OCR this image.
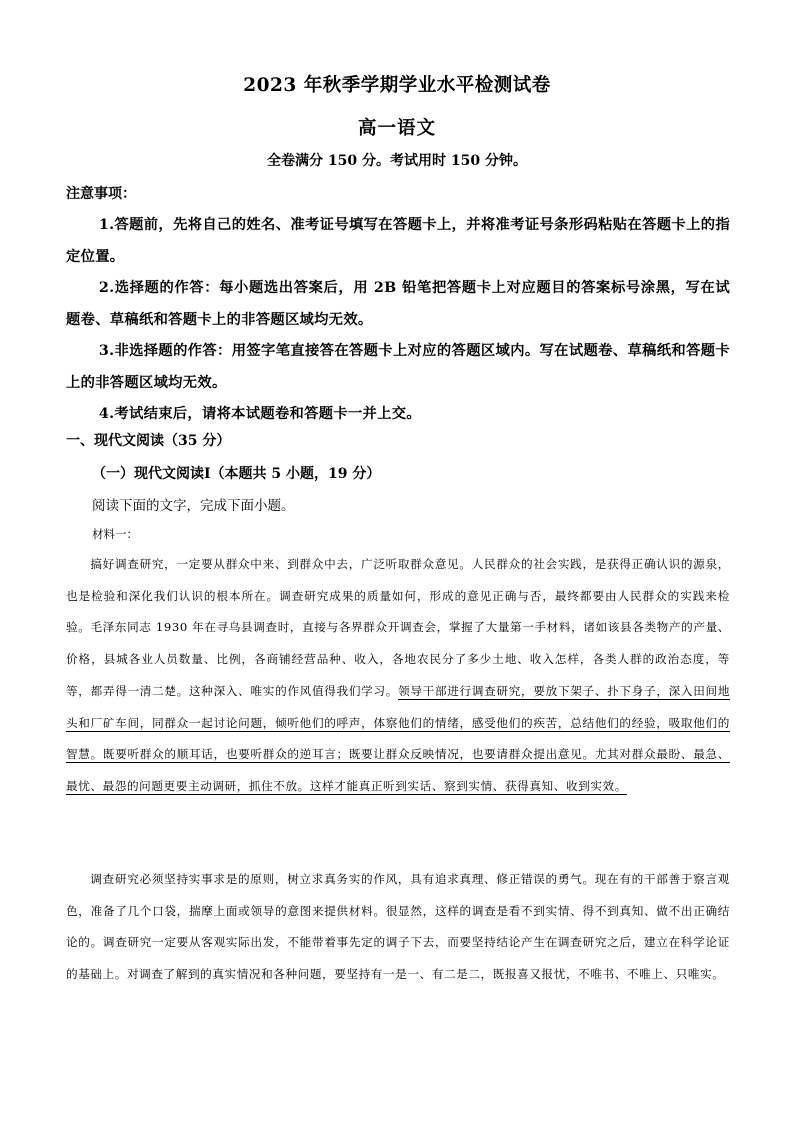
2023 年秋季学期学业水平检测试卷
高一语文
全卷满分 150 分。考试用时 150 分钟。
注意事项：

1.答题前，先将自己的姓名、准考证号填写在答题卡上，并将准考证号条形码粘贴在答题卡上的指定位置。

2.选择题的作答：每小题选出答案后，用 2B 铅笔把答题卡上对应题目的答案标号涂黑，写在试题卷、草稿纸和答题卡上的非答题区域均无效。

3.非选择题的作答：用签字笔直接答在答题卡上对应的答题区域内。写在试题卷、草稿纸和答题卡上的非答题区域均无效。

4.考试结束后，请将本试题卷和答题卡一并上交。

一、现代文阅读（35 分）
（一）现代文阅读Ⅰ（本题共 5 小题，19 分）
阅读下面的文字，完成下面小题。
材料一：

搞好调查研究，一定要从群众中来、到群众中去，广泛听取群众意见。人民群众的社会实践，是获得正确认识的源泉，也是检验和深化我们认识的根本所在。调查研究成果的质量如何，形成的意见正确与否，最终都要由人民群众的实践来检验。毛泽东同志 1930 年在寻乌县调查时，直接与各界群众开调查会，掌握了大量第一手材料，诸如该县各类物产的产量、价格，县城各业人员数量、比例，各商铺经营品种、收入，各地农民分了多少土地、收入怎样，各类人群的政治态度，等等，都弄得一清二楚。这种深入、唯实的作风值得我们学习。领导干部进行调查研究，要放下架子、扑下身子，深入田间地头和厂矿车间，同群众一起讨论问题，倾听他们的呼声，体察他们的情绪，感受他们的疾苦，总结他们的经验，吸取他们的智慧。既要听群众的顺耳话，也要听群众的逆耳言；既要让群众反映情况，也要请群众提出意见。尤其对群众最盼、最急、最忧、最怨的问题更要主动调研，抓住不放。这样才能真正听到实话、察到实情、获得真知、收到实效。

调查研究必须坚持实事求是的原则，树立求真务实的作风，具有追求真理、修正错误的勇气。现在有的干部善于察言观色，准备了几个口袋，揣摩上面或领导的意图来提供材料。很显然，这样的调查是看不到实情、得不到真知、做不出正确结论的。调查研究一定要从客观实际出发，不能带着事先定的调子下去，而要坚持结论产生在调查研究之后，建立在科学论证的基础上。对调查了解到的真实情况和各种问题，要坚持有一是一、有二是二，既报喜又报忧，不唯书、不唯上、只唯实。
